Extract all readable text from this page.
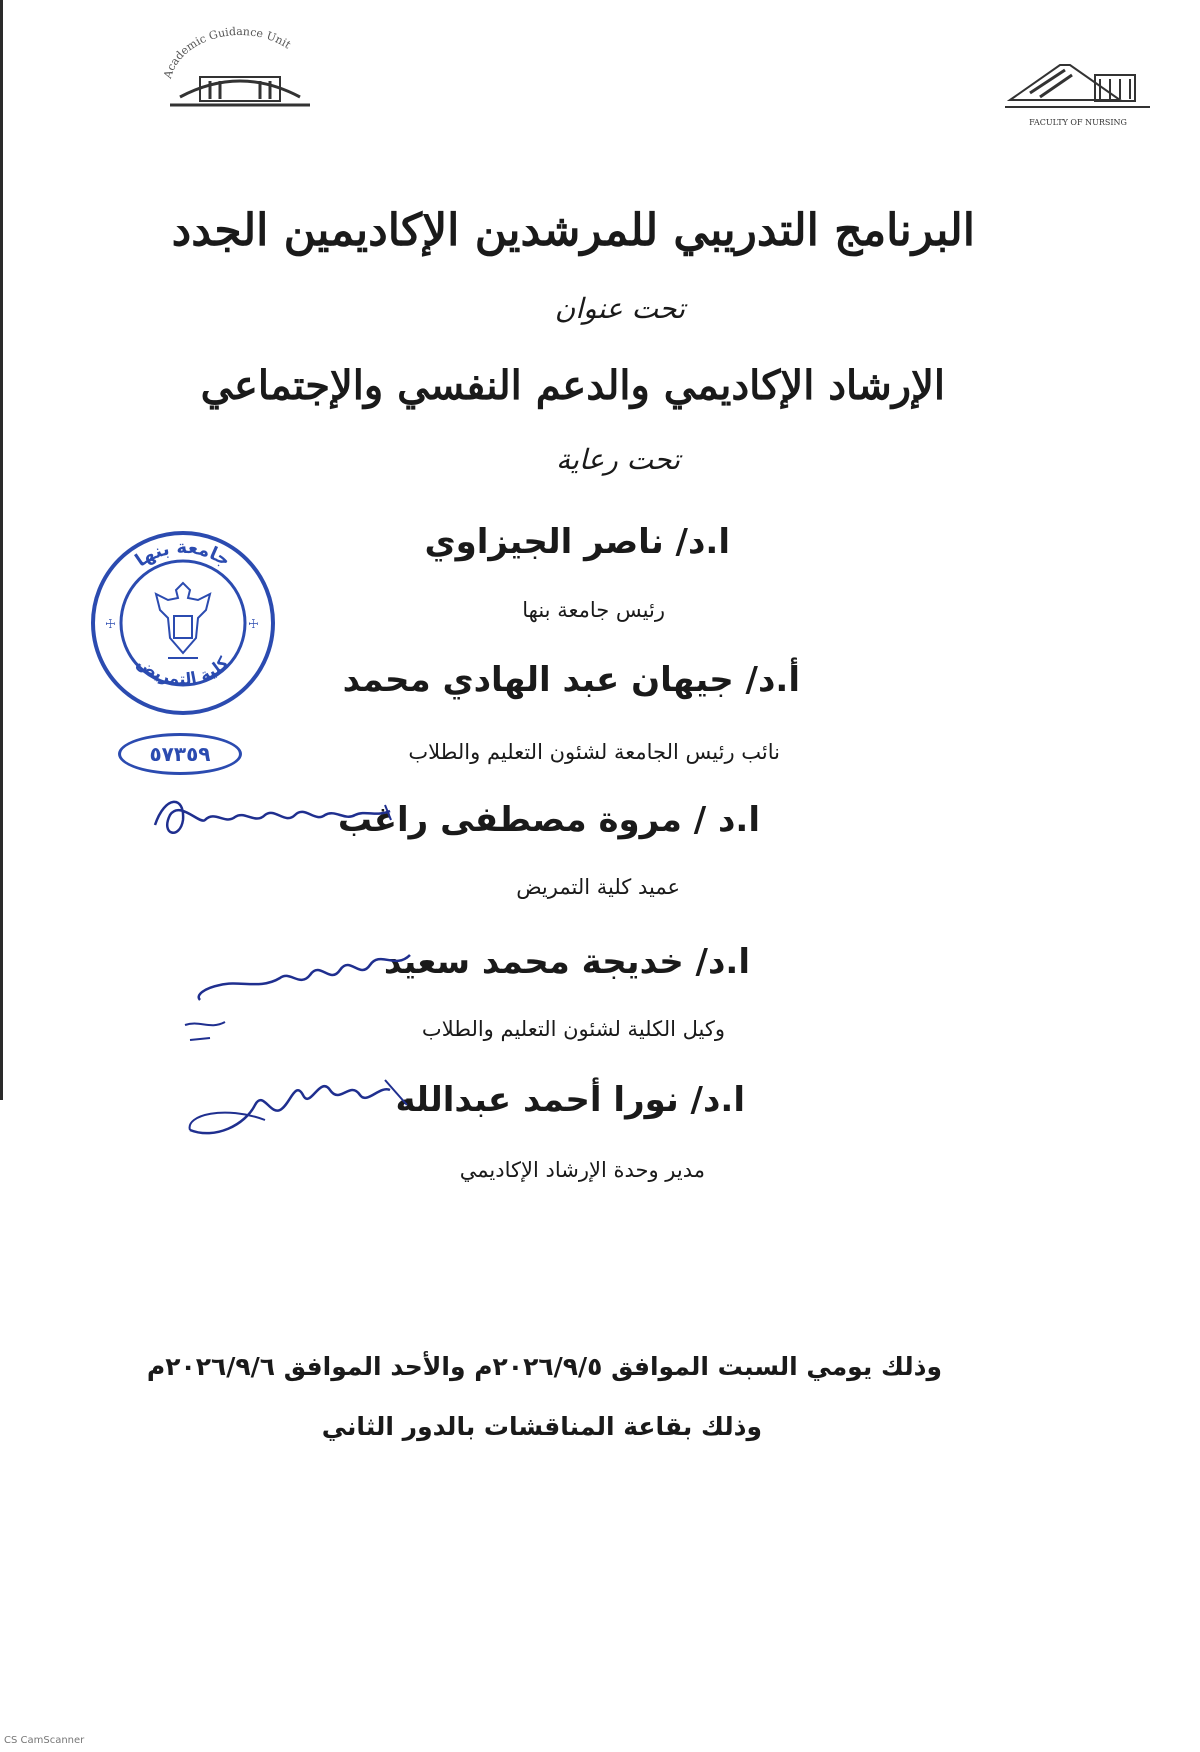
Academic Guidance Unit
FACULTY OF NURSING
البرنامج التدريبي للمرشدين الإكاديمين الجدد
تحت عنوان
الإرشاد الإكاديمي والدعم النفسي والإجتماعي
تحت رعاية
ا.د/ ناصر الجيزاوي
رئيس جامعة بنها
أ.د/ جيهان عبد الهادي محمد
نائب رئيس الجامعة لشئون التعليم والطلاب
ا.د / مروة مصطفى راغب
عميد كلية التمريض
ا.د/ خديجة محمد سعيد
وكيل الكلية لشئون التعليم والطلاب
ا.د/ نورا أحمد عبدالله
مدير وحدة الإرشاد الإكاديمي
وذلك يومي السبت الموافق ٢٠٢٦/٩/٥م والأحد الموافق ٢٠٢٦/٩/٦م
وذلك بقاعة المناقشات بالدور الثاني
جامعة بنها
كلية التمريض
☩	☩
٥٧٣٥٩
CS CamScanner
